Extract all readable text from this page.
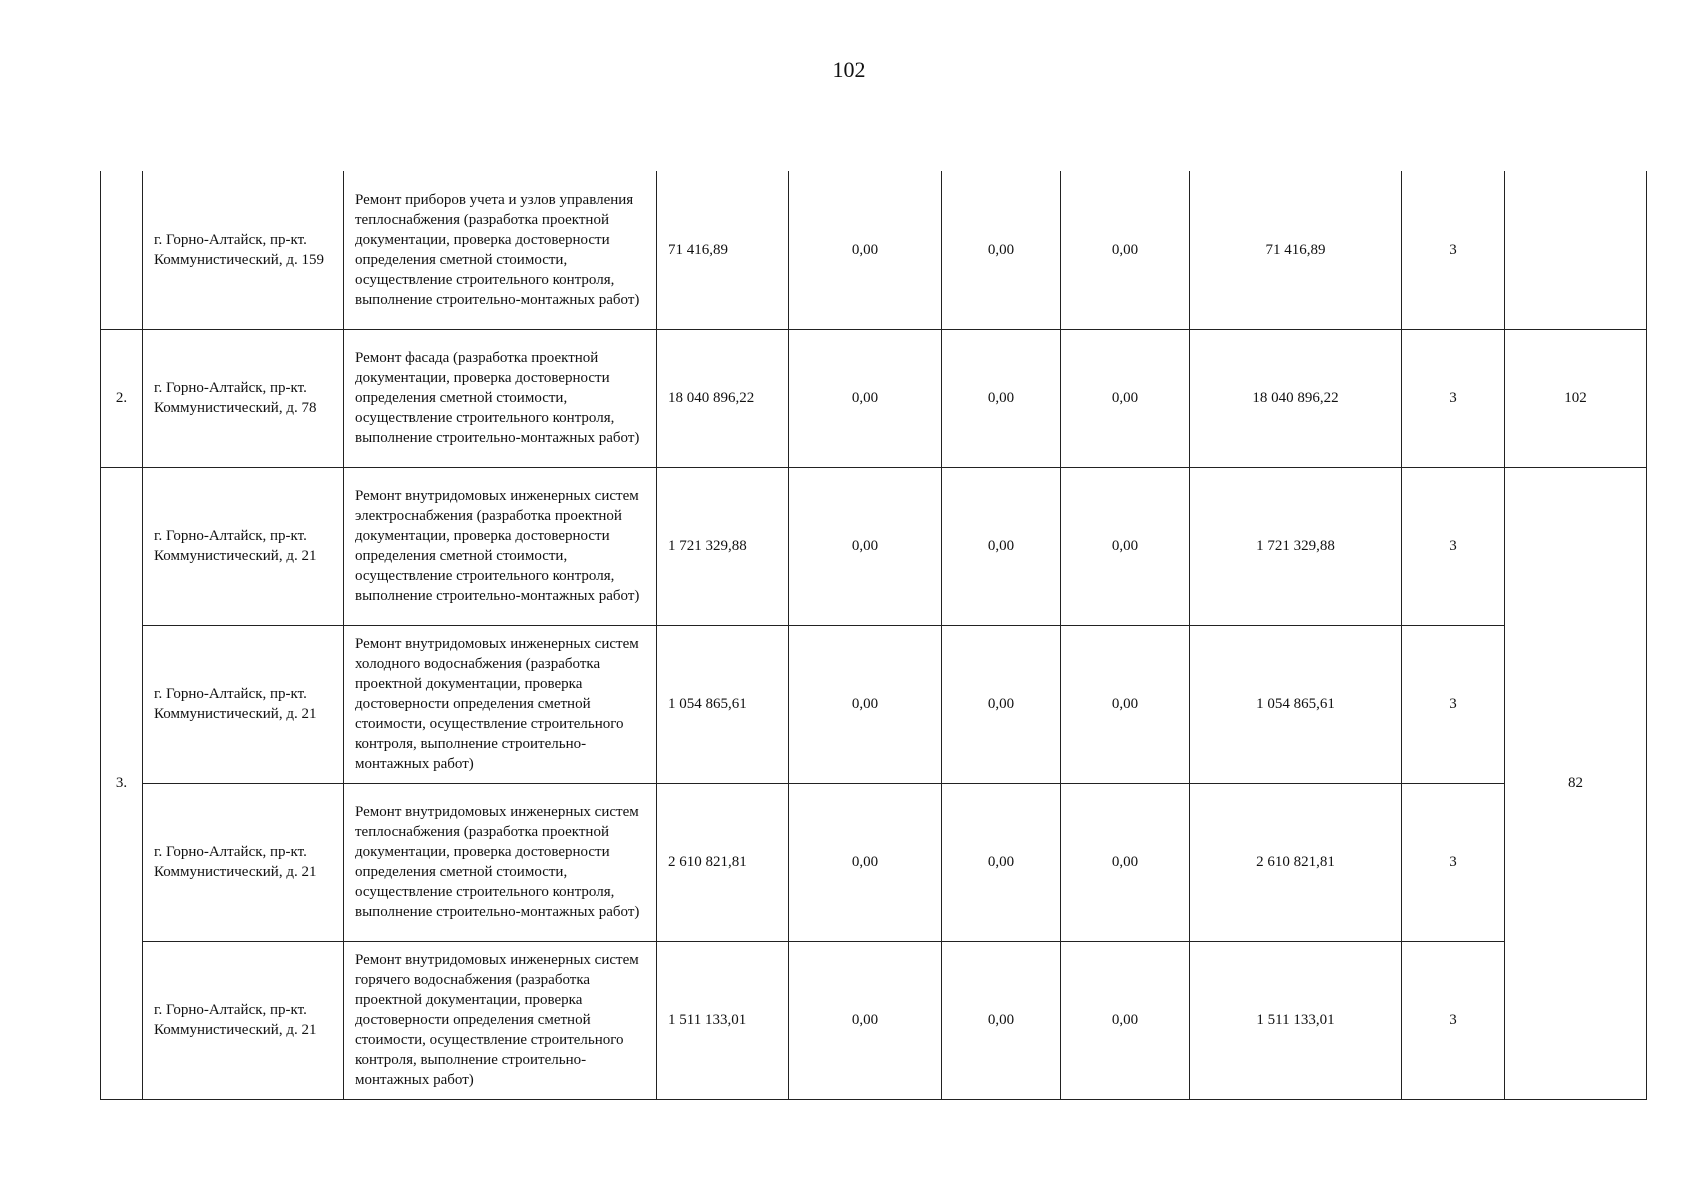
102
	г. Горно-Алтайск, пр-кт. Коммунистический, д. 159	Ремонт приборов учета и узлов управления теплоснабжения (разработка проектной документации, проверка достоверности определения сметной стоимости, осуществление строительного контроля, выполнение строительно-монтажных работ)	71 416,89	0,00	0,00	0,00	71 416,89	3	
2.	г. Горно-Алтайск, пр-кт. Коммунистический, д. 78	Ремонт фасада (разработка проектной документации, проверка достоверности определения сметной стоимости, осуществление строительного контроля, выполнение строительно-монтажных работ)	18 040 896,22	0,00	0,00	0,00	18 040 896,22	3	102
3.	г. Горно-Алтайск, пр-кт. Коммунистический, д. 21	Ремонт внутридомовых инженерных систем электроснабжения (разработка проектной документации, проверка достоверности определения сметной стоимости, осуществление строительного контроля, выполнение строительно-монтажных работ)	1 721 329,88	0,00	0,00	0,00	1 721 329,88	3	82
	г. Горно-Алтайск, пр-кт. Коммунистический, д. 21	Ремонт внутридомовых инженерных систем холодного водоснабжения (разработка проектной документации, проверка достоверности определения сметной стоимости, осуществление строительного контроля, выполнение строительно-монтажных работ)	1 054 865,61	0,00	0,00	0,00	1 054 865,61	3	
	г. Горно-Алтайск, пр-кт. Коммунистический, д. 21	Ремонт внутридомовых инженерных систем теплоснабжения (разработка проектной документации, проверка достоверности определения сметной стоимости, осуществление строительного контроля, выполнение строительно-монтажных работ)	2 610 821,81	0,00	0,00	0,00	2 610 821,81	3	
	г. Горно-Алтайск, пр-кт. Коммунистический, д. 21	Ремонт внутридомовых инженерных систем горячего водоснабжения (разработка проектной документации, проверка достоверности определения сметной стоимости, осуществление строительного контроля, выполнение строительно-монтажных работ)	1 511 133,01	0,00	0,00	0,00	1 511 133,01	3	
